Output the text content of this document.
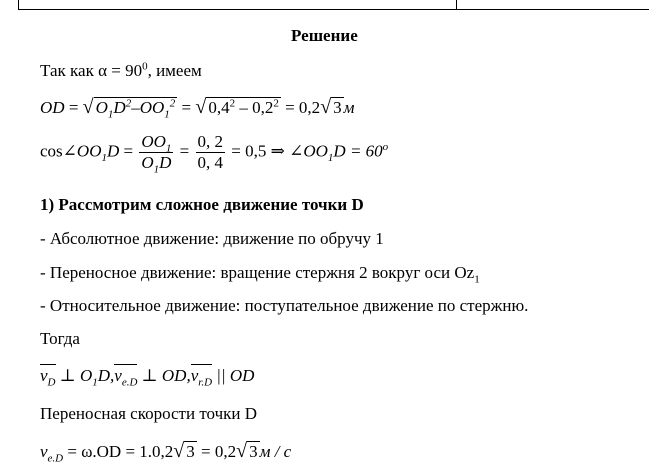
Решение
Так как $\alpha = 90^0$, имеем
OD = √ $O_1D^2-OO_1^2$ = √ $0,4^2 - 0,2^2 = 0,2√$ 3 м
$\cos\angle OO_1D = \frac{OO_1}{O_1D} = \frac{0, 2}{0, 4} = 0,5$ ⇒ $\angle OO_1D = 60^o$
1) Рассмотрим сложное движение точки D
- Абсолютное движение: движение по обручу 1
- Переносное движение: вращение стержня 2 вокруг оси $Oz_1$
- Относительное движение: поступательное движение по стержню.
Тогда
$v_D$ ⊥ $O_1D,v_{e.D}$ ⊥ $OD,v_{r.D}$ || OD
Переносная скорости точки D
$v_{e.D} = \omega.OD = 1.0,2√$ 3 = 0,2√ 3 м / с
